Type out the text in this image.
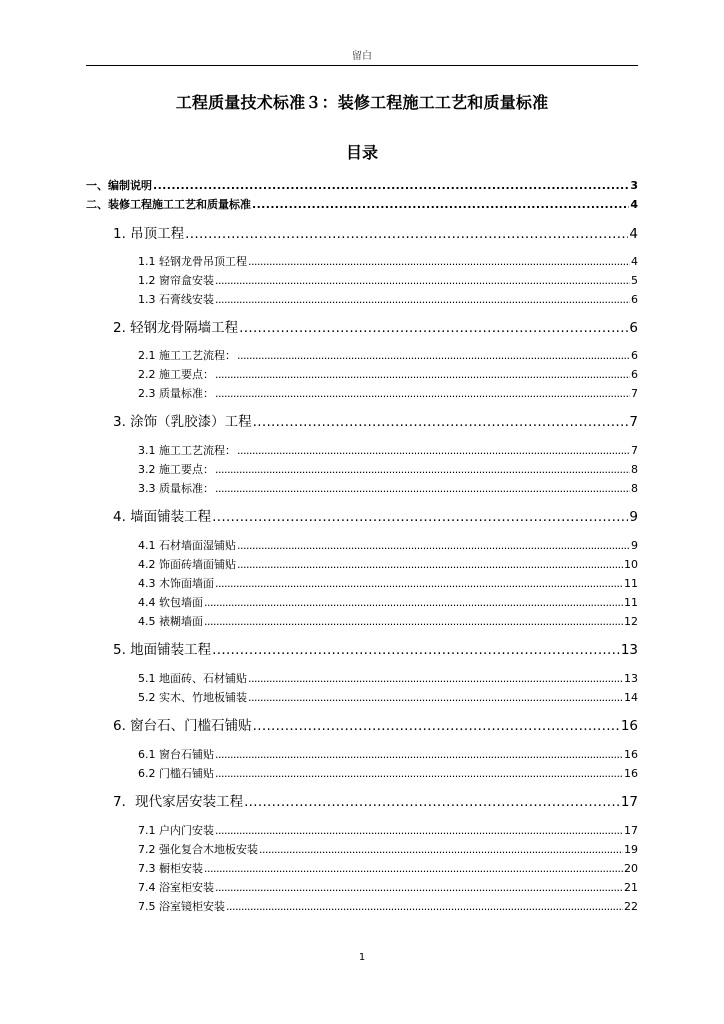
留白
工程质量技术标准３：装修工程施工工艺和质量标准
目录
一、编制说明 .....	3
二、装修工程施工工艺和质量标准 .....	4
1. 吊顶工程 .....	4
1.1 轻钢龙骨吊顶工程 .....	4
1.2 窗帘盒安装 .....	5
1.3 石膏线安装 .....	6
2. 轻钢龙骨隔墙工程 .....	6
2.1 施工工艺流程： .....	6
2.2 施工要点： .....	6
2.3 质量标准： .....	7
3. 涂饰（乳胶漆）工程 .....	7
3.1 施工工艺流程： .....	7
3.2 施工要点： .....	8
3.3 质量标准： .....	8
4. 墙面铺装工程 .....	9
4.1 石材墙面湿铺贴 .....	9
4.2 饰面砖墙面铺贴 .....	10
4.3 木饰面墙面 .....	11
4.4 软包墙面 .....	11
4.5 裱糊墙面 .....	12
5. 地面铺装工程 .....	13
5.1 地面砖、石材铺贴 .....	13
5.2 实木、竹地板铺装 .....	14
6. 窗台石、门槛石铺贴 .....	16
6.1 窗台石铺贴 .....	16
6.2 门槛石铺贴 .....	16
7．现代家居安装工程 .....	17
7.1 户内门安装 .....	17
7.2 强化复合木地板安装 .....	19
7.3 橱柜安装 .....	20
7.4 浴室柜安装 .....	21
7.5 浴室镜柜安装 .....	22
1
